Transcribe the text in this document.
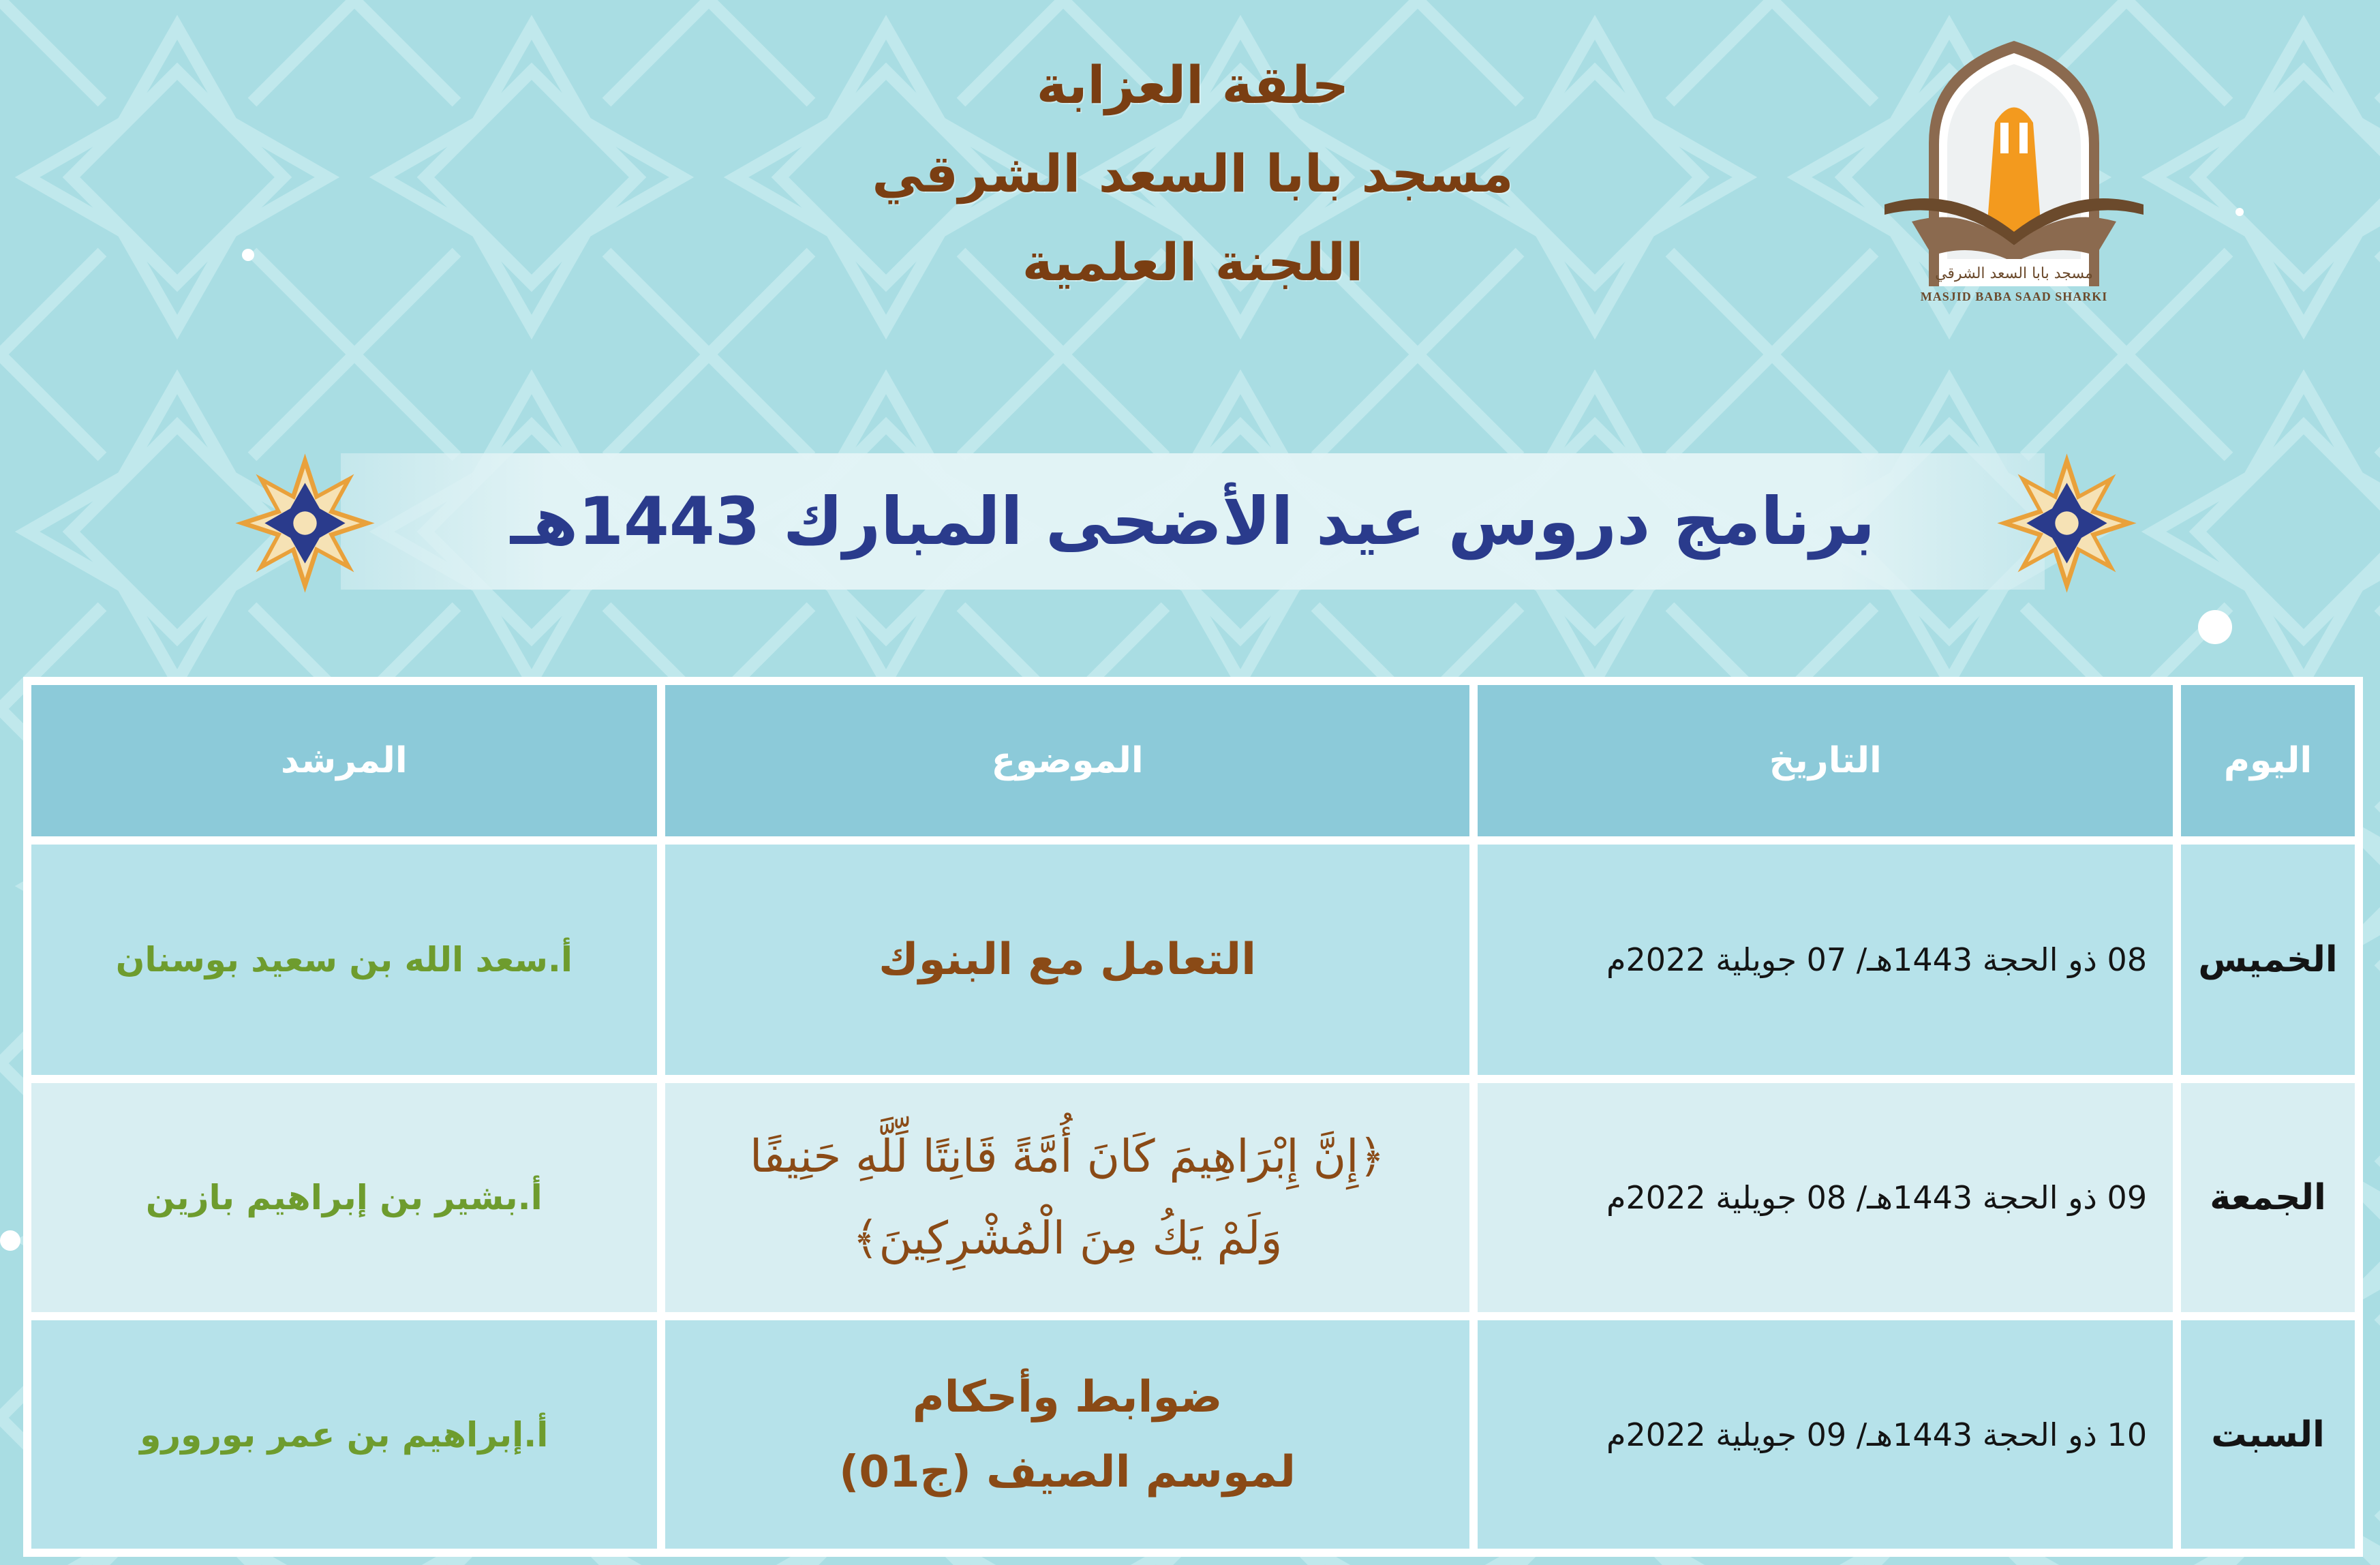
حلقة العزابة
مسجد بابا السعد الشرقي
اللجنة العلمية	مسجد بابا السعد الشرقي
MASJID BABA SAAD SHARKI
برنامج دروس عيد الأضحى المبارك 1443هـ
اليوم	التاريخ	الموضوع	المرشد
الخميس	08 ذو الحجة 1443هـ/ 07 جويلية 2022م	التعامل مع البنوك	أ.سعد الله بن سعيد بوسنان
الجمعة	09 ذو الحجة 1443هـ/ 08 جويلية 2022م	﴿إِنَّ إِبْرَاهِيمَ كَانَ أُمَّةً قَانِتًا لِّلَّهِ حَنِيفًا
وَلَمْ يَكُ مِنَ الْمُشْرِكِينَ﴾	أ.بشير بن إبراهيم بازين
السبت	10 ذو الحجة 1443هـ/ 09 جويلية 2022م	ضوابط وأحكام
لموسم الصيف (ج01)	أ.إبراهيم بن عمر بورورو
